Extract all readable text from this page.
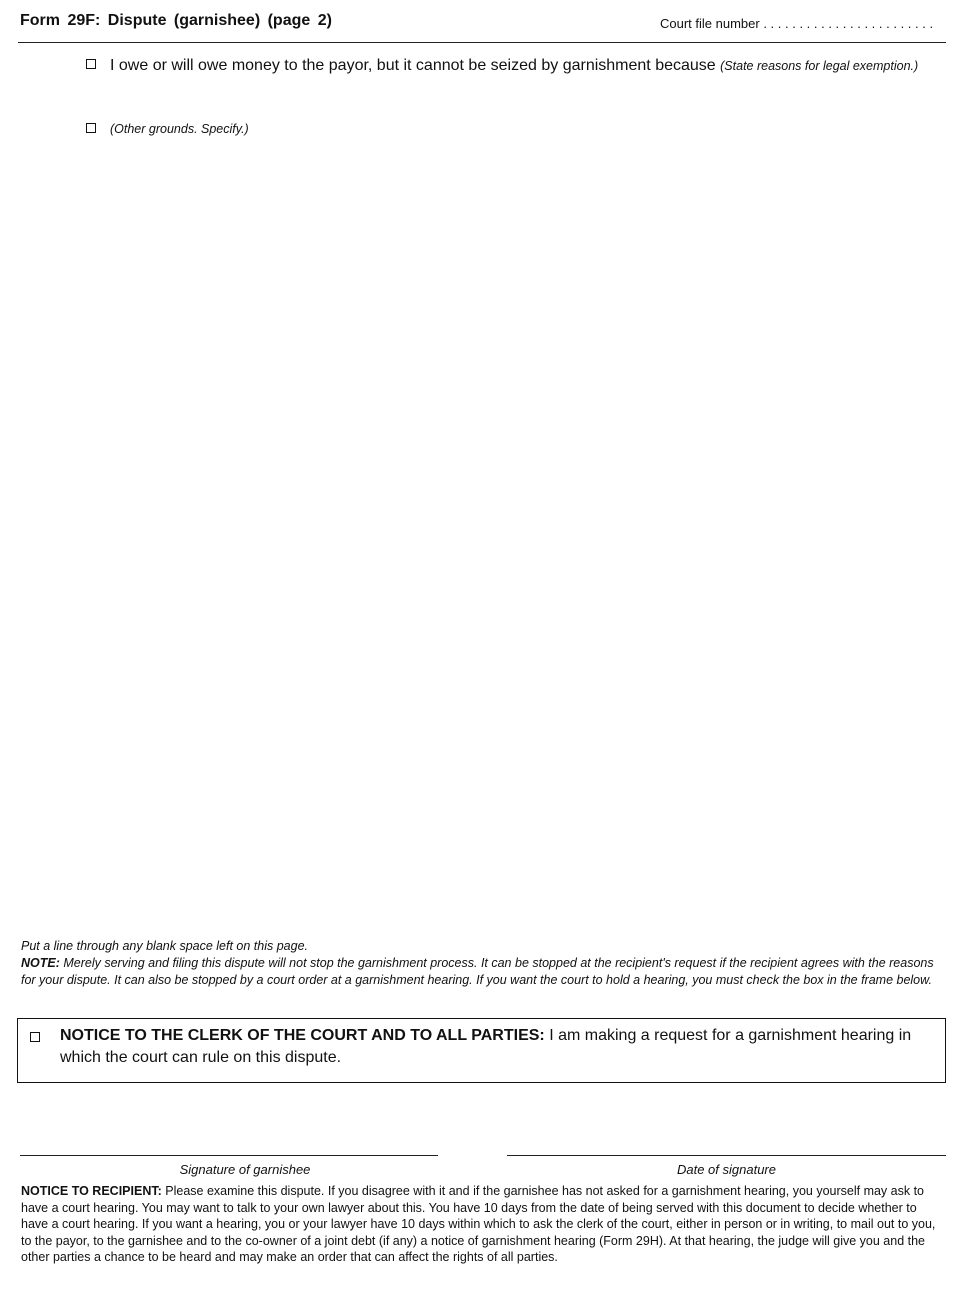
Form 29F: Dispute (garnishee) (page 2)	Court file number . . . . . . . . . . . . . . . . . . . . . . . .
I owe or will owe money to the payor, but it cannot be seized by garnishment because (State reasons for legal exemption.)
(Other grounds. Specify.)
Put a line through any blank space left on this page.
NOTE: Merely serving and filing this dispute will not stop the garnishment process. It can be stopped at the recipient's request if the recipient agrees with the reasons for your dispute. It can also be stopped by a court order at a garnishment hearing. If you want the court to hold a hearing, you must check the box in the frame below.
NOTICE TO THE CLERK OF THE COURT AND TO ALL PARTIES: I am making a request for a garnishment hearing in which the court can rule on this dispute.
Signature of garnishee	Date of signature
NOTICE TO RECIPIENT: Please examine this dispute. If you disagree with it and if the garnishee has not asked for a garnishment hearing, you yourself may ask to have a court hearing. You may want to talk to your own lawyer about this. You have 10 days from the date of being served with this document to decide whether to have a court hearing. If you want a hearing, you or your lawyer have 10 days within which to ask the clerk of the court, either in person or in writing, to mail out to you, to the payor, to the garnishee and to the co-owner of a joint debt (if any) a notice of garnishment hearing (Form 29H). At that hearing, the judge will give you and the other parties a chance to be heard and may make an order that can affect the rights of all parties.
